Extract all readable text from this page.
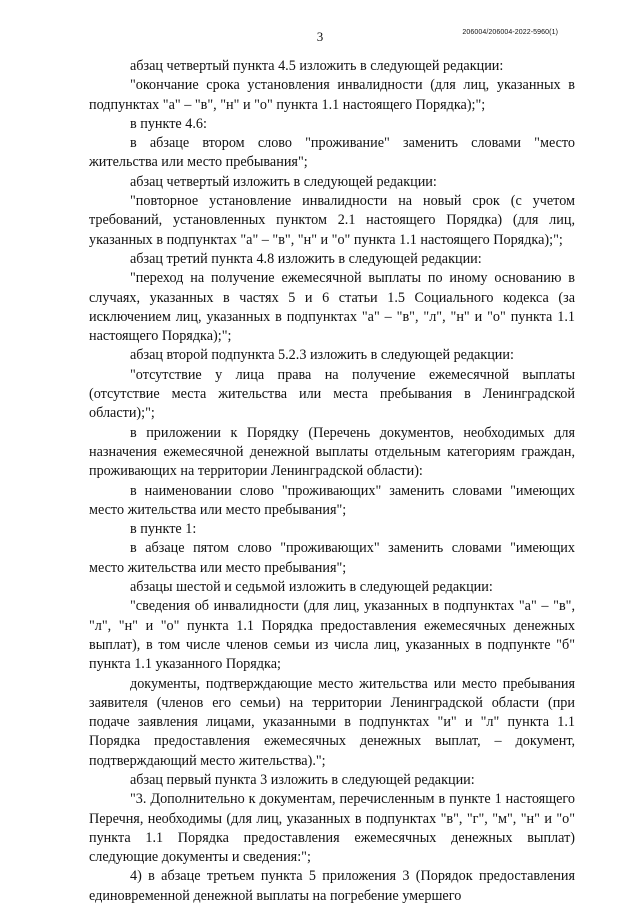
3	206004/206004-2022-5960(1)

абзац четвертый пункта 4.5 изложить в следующей редакции:

"окончание срока установления инвалидности (для лиц, указанных в подпунктах "а" – "в", "н" и "о" пункта 1.1 настоящего Порядка);";

в пункте 4.6:

в абзаце втором слово "проживание" заменить словами "место жительства или место пребывания";

абзац четвертый изложить в следующей редакции:

"повторное установление инвалидности на новый срок (с учетом требований, установленных пунктом 2.1 настоящего Порядка) (для лиц, указанных в подпунктах "а" – "в", "н" и "о" пункта 1.1 настоящего Порядка);";

абзац третий пункта 4.8 изложить в следующей редакции:

"переход на получение ежемесячной выплаты по иному основанию в случаях, указанных в частях 5 и 6 статьи 1.5 Социального кодекса (за исключением лиц, указанных в подпунктах "а" – "в", "л", "н" и "о" пункта 1.1 настоящего Порядка);";

абзац второй подпункта 5.2.3 изложить в следующей редакции:

"отсутствие у лица права на получение ежемесячной выплаты (отсутствие места жительства или места пребывания в Ленинградской области);";

в приложении к Порядку (Перечень документов, необходимых для назначения ежемесячной денежной выплаты отдельным категориям граждан, проживающих на территории Ленинградской области):

в наименовании слово "проживающих" заменить словами "имеющих место жительства или место пребывания";

в пункте 1:

в абзаце пятом слово "проживающих" заменить словами "имеющих место жительства или место пребывания";

абзацы шестой и седьмой изложить в следующей редакции:

"сведения об инвалидности (для лиц, указанных в подпунктах "а" – "в", "л", "н" и "о" пункта 1.1 Порядка предоставления ежемесячных денежных выплат), в том числе членов семьи из числа лиц, указанных в подпункте "б" пункта 1.1 указанного Порядка;

документы, подтверждающие место жительства или место пребывания заявителя (членов его семьи) на территории Ленинградской области (при подаче заявления лицами, указанными в подпунктах "и" и "л" пункта 1.1 Порядка предоставления ежемесячных денежных выплат, – документ, подтверждающий место жительства).";

абзац первый пункта 3 изложить в следующей редакции:

"3. Дополнительно к документам, перечисленным в пункте 1 настоящего Перечня, необходимы (для лиц, указанных в подпунктах "в", "г", "м", "н" и "о" пункта 1.1 Порядка предоставления ежемесячных денежных выплат) следующие документы и сведения:";

4) в абзаце третьем пункта 5 приложения 3 (Порядок предоставления единовременной денежной выплаты на погребение умершего
